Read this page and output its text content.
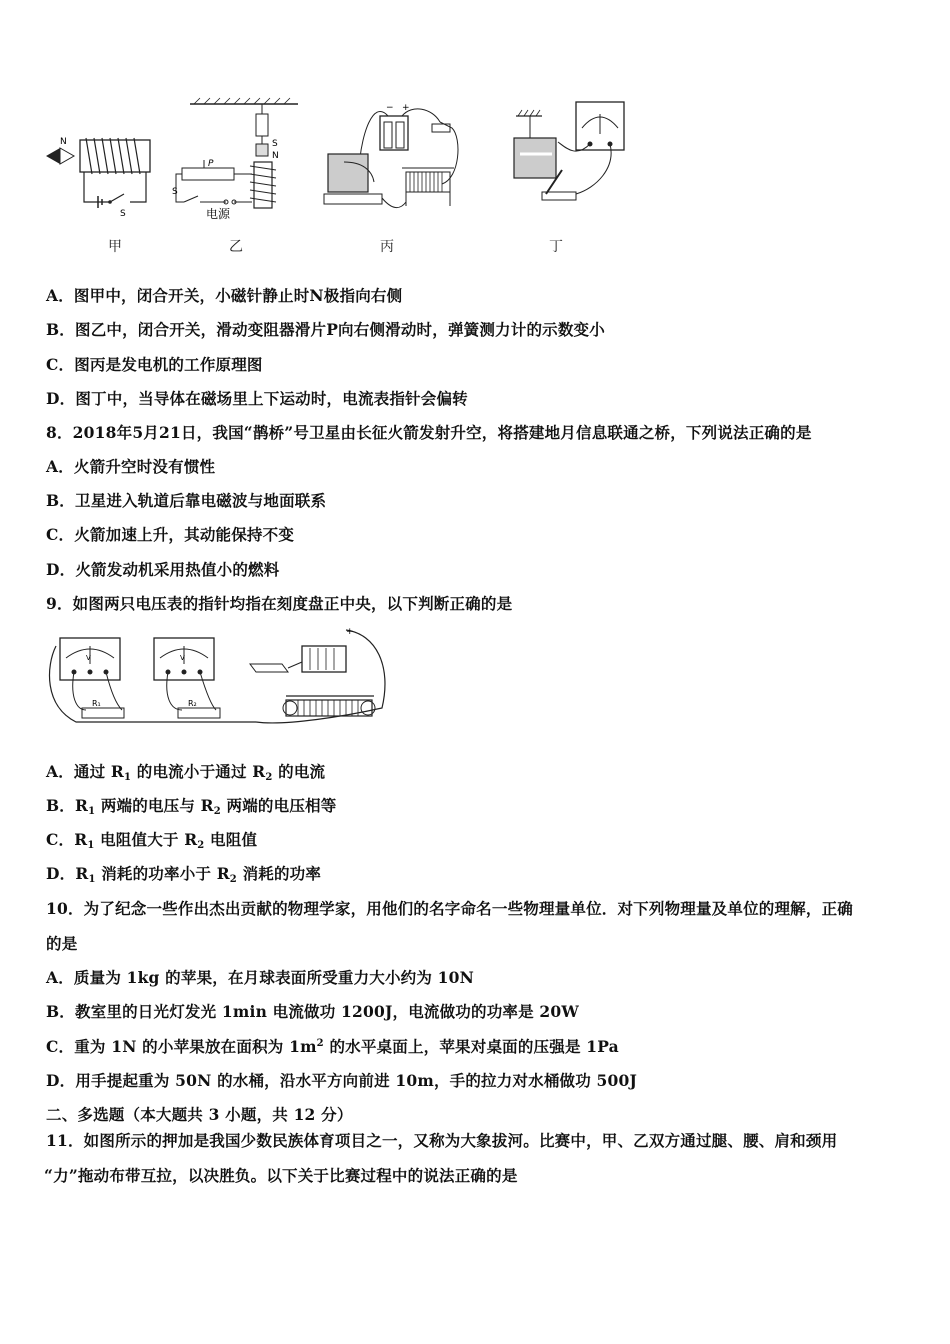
N
S
S
N
P
S
电源
− +
甲	乙	丙	丁
A．图甲中，闭合开关，小磁针静止时N极指向右侧
B．图乙中，闭合开关，滑动变阻器滑片P向右侧滑动时，弹簧测力计的示数变小
C．图丙是发电机的工作原理图
D．图丁中，当导体在磁场里上下运动时，电流表指针会偏转
8．2018年5月21日，我国“鹊桥”号卫星由长征火箭发射升空，将搭建地月信息联通之桥，下列说法正确的是
A．火箭升空时没有惯性
B．卫星进入轨道后靠电磁波与地面联系
C．火箭加速上升，其动能保持不变
D．火箭发动机采用热值小的燃料
9．如图两只电压表的指针均指在刻度盘正中央，以下判断正确的是
V	V
R₁	R₂
+
A．通过 $R_1$ 的电流小于通过 $R_2$ 的电流
B．$R_1$ 两端的电压与 $R_2$ 两端的电压相等
C．$R_1$ 电阻值大于 $R_2$ 电阻值
D．$R_1$ 消耗的功率小于 $R_2$ 消耗的功率
10．为了纪念一些作出杰出贡献的物理学家，用他们的名字命名一些物理量单位．对下列物理量及单位的理解，正确
的是
A．质量为 1kg 的苹果，在月球表面所受重力大小约为 10N
B．教室里的日光灯发光 1min 电流做功 1200J，电流做功的功率是 20W
C．重为 1N 的小苹果放在面积为 $1m^2$ 的水平桌面上，苹果对桌面的压强是 1Pa
D．用手提起重为 50N 的水桶，沿水平方向前进 10m，手的拉力对水桶做功 500J
二、多选题（本大题共 3 小题，共 12 分）
11．如图所示的押加是我国少数民族体育项目之一，又称为大象拔河。比赛中，甲、乙双方通过腿、腰、肩和颈用
“力”拖动布带互拉，以决胜负。以下关于比赛过程中的说法正确的是
